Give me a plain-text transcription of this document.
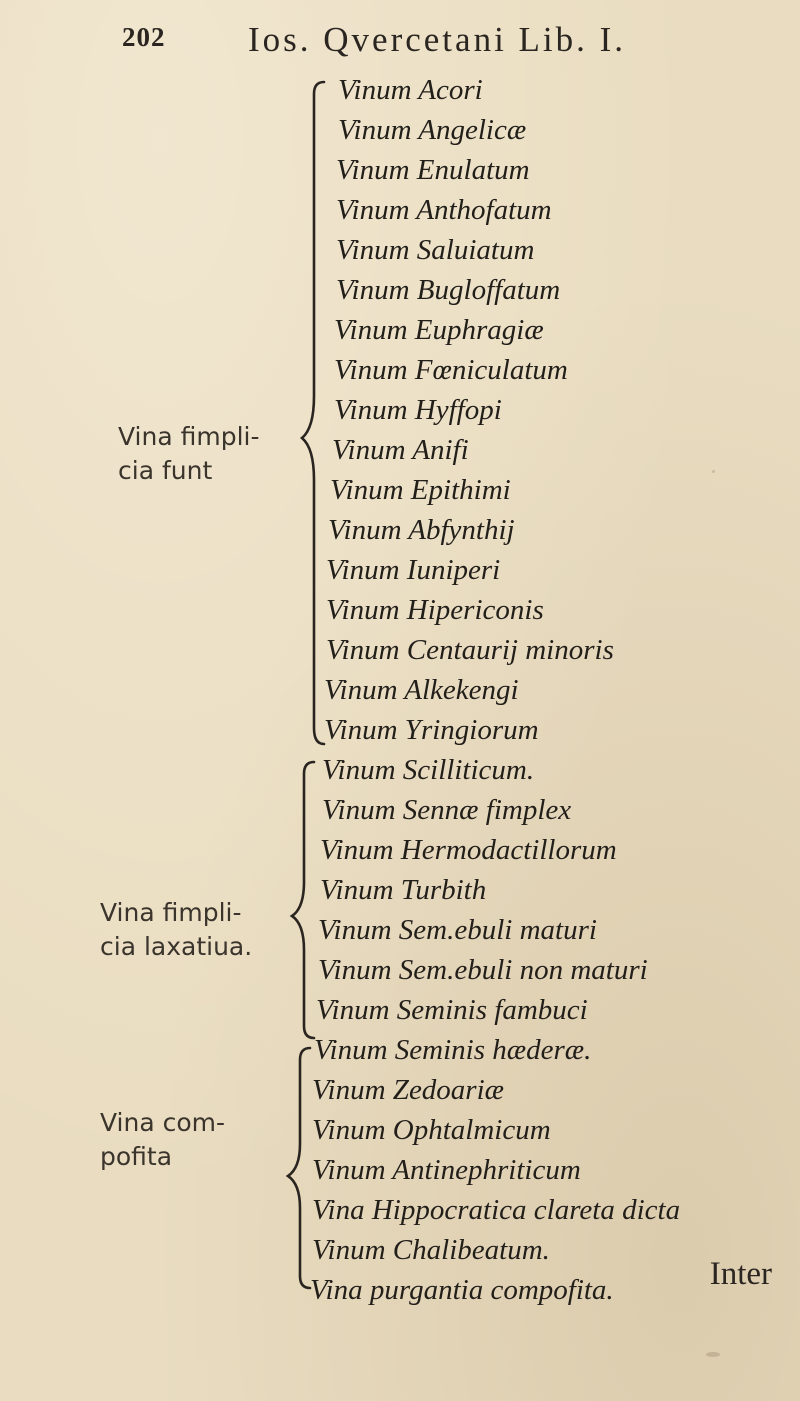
202 Ios. Qvercetani Lib. I.
Vina fimpli-
cia funt
Vina fimpli-
cia laxatiua.
Vina com-
pofita
Vinum Acori
Vinum Angelicæ
Vinum Enulatum
Vinum Anthofatum
Vinum Saluiatum
Vinum Bugloffatum
Vinum Euphragiæ
Vinum Fœniculatum
Vinum Hyffopi
Vinum Anifi
Vinum Epithimi
Vinum Abfynthij
Vinum Iuniperi
Vinum Hipericonis
Vinum Centaurij minoris
Vinum Alkekengi
Vinum Yringiorum
Vinum Scilliticum.
Vinum Sennæ fimplex
Vinum Hermodactillorum
Vinum Turbith
Vinum Sem.ebuli maturi
Vinum Sem.ebuli non maturi
Vinum Seminis fambuci
Vinum Seminis hæderæ.
Vinum Zedoariæ
Vinum Ophtalmicum
Vinum Antinephriticum
Vina Hippocratica clareta dicta
Vinum Chalibeatum.
Vina purgantia compofita.	Inter
